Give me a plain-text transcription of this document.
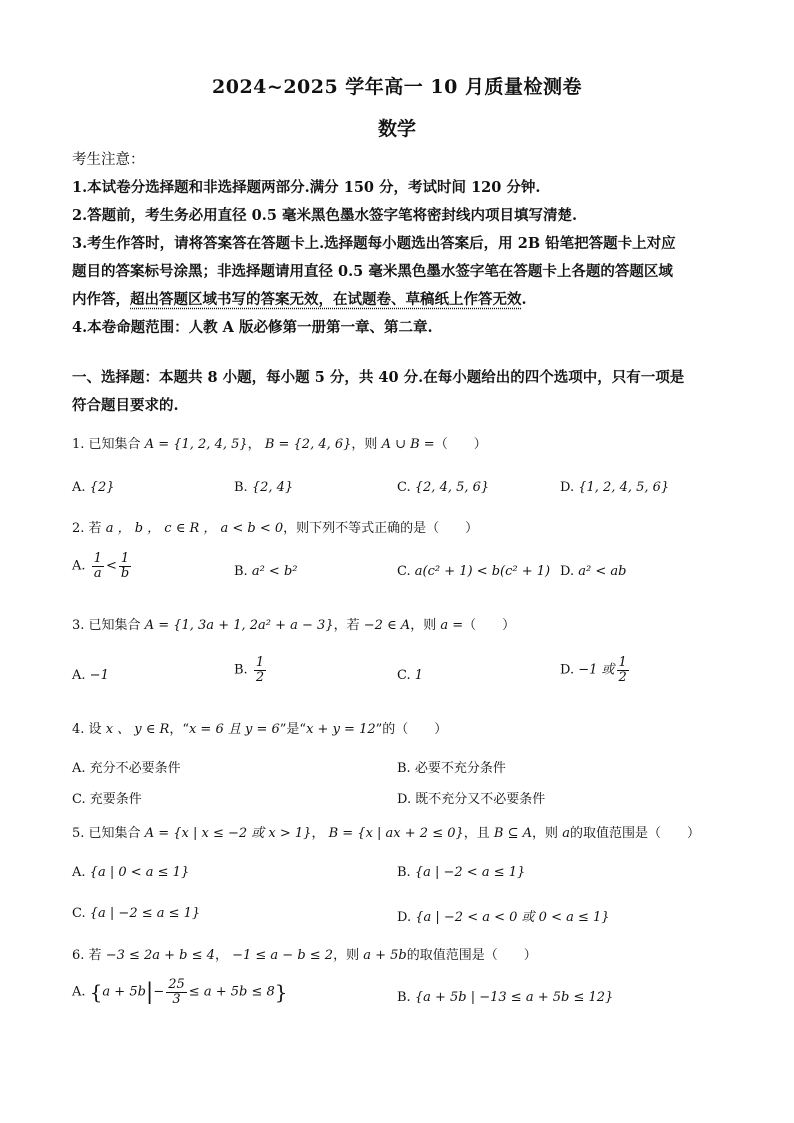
2024~2025 学年高一 10 月质量检测卷
数学
考生注意：
1.本试卷分选择题和非选择题两部分.满分 150 分，考试时间 120 分钟.
2.答题前，考生务必用直径 0.5 毫米黑色墨水签字笔将密封线内项目填写清楚.
3.考生作答时，请将答案答在答题卡上.选择题每小题选出答案后，用 2B 铅笔把答题卡上对应
题目的答案标号涂黑；非选择题请用直径 0.5 毫米黑色墨水签字笔在答题卡上各题的答题区域
内作答，超出答题区域书写的答案无效，在试题卷、草稿纸上作答无效.
4.本卷命题范围：人教 A 版必修第一册第一章、第二章.
一、选择题：本题共 8 小题，每小题 5 分，共 40 分.在每小题给出的四个选项中，只有一项是
符合题目要求的.
1. 已知集合 A = {1, 2, 4, 5}， B = {2, 4, 6}，则 A ∪ B =（　　）
A. {2}	B. {2, 4}	C. {2, 4, 5, 6}	D. {1, 2, 4, 5, 6}
2. 若 a ， b ， c ∈ R ， a < b < 0，则下列不等式正确的是（　　）
A. $\frac{1}{a} < \frac{1}{b}$	B. a² < b²	C. a(c² + 1) < b(c² + 1) D. a² < ab
3. 已知集合 A = {1, 3a + 1, 2a² + a − 3}，若 −2 ∈ A，则 a =（　　）
A. −1	B. $\frac{1}{2}$	C. 1	D. −1 或 $\frac{1}{2}$
4. 设 x 、 y ∈ R，“x = 6 且 y = 6”是“x + y = 12”的（　　）
A. 充分不必要条件	B. 必要不充分条件
C. 充要条件	D. 既不充分又不必要条件
5. 已知集合 A = {x | x ≤ −2 或 x > 1}， B = {x | ax + 2 ≤ 0}，且 B ⊆ A，则 a的取值范围是（　　）
A. {a | 0 < a ≤ 1}	B. {a | −2 < a ≤ 1}
C. {a | −2 ≤ a ≤ 1}	D. {a | −2 < a < 0 或 0 < a ≤ 1}
6. 若 −3 ≤ 2a + b ≤ 4， −1 ≤ a − b ≤ 2，则 a + 5b的取值范围是（　　）
A. $\{a + 5b|- \frac{25}{3} \le a + 5b \le 8\}$	B. {a + 5b | −13 ≤ a + 5b ≤ 12}
